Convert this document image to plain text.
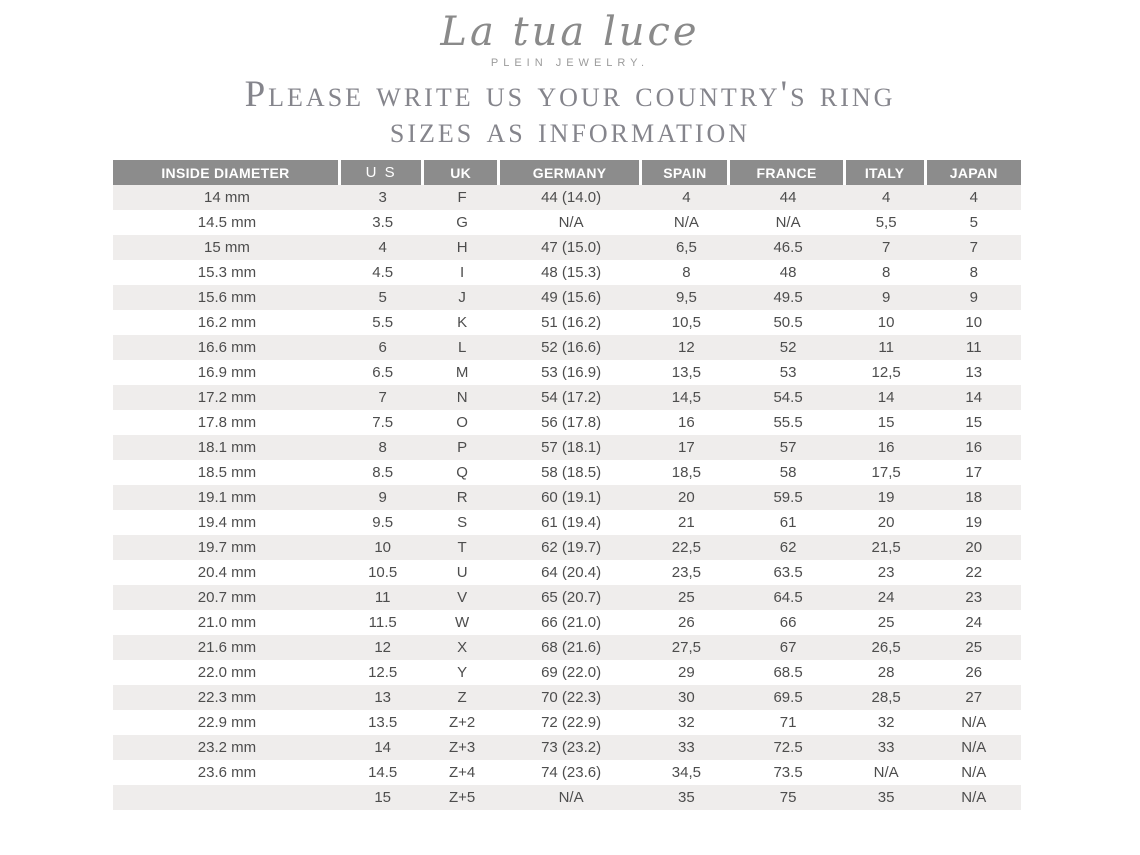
La tua luce
PLEIN JEWELRY.
Please write us your country's ring
sizes as information
INSIDE DIAMETER	U S	UK	GERMANY	SPAIN	FRANCE	ITALY	JAPAN
14 mm	3	F	44 (14.0)	4	44	4	4
14.5 mm	3.5	G	N/A	N/A	N/A	5,5	5
15 mm	4	H	47 (15.0)	6,5	46.5	7	7
15.3 mm	4.5	I	48 (15.3)	8	48	8	8
15.6 mm	5	J	49 (15.6)	9,5	49.5	9	9
16.2 mm	5.5	K	51 (16.2)	10,5	50.5	10	10
16.6 mm	6	L	52 (16.6)	12	52	11	11
16.9 mm	6.5	M	53 (16.9)	13,5	53	12,5	13
17.2 mm	7	N	54 (17.2)	14,5	54.5	14	14
17.8 mm	7.5	O	56 (17.8)	16	55.5	15	15
18.1 mm	8	P	57 (18.1)	17	57	16	16
18.5 mm	8.5	Q	58 (18.5)	18,5	58	17,5	17
19.1 mm	9	R	60 (19.1)	20	59.5	19	18
19.4 mm	9.5	S	61 (19.4)	21	61	20	19
19.7 mm	10	T	62 (19.7)	22,5	62	21,5	20
20.4 mm	10.5	U	64 (20.4)	23,5	63.5	23	22
20.7 mm	11	V	65 (20.7)	25	64.5	24	23
21.0 mm	11.5	W	66 (21.0)	26	66	25	24
21.6 mm	12	X	68 (21.6)	27,5	67	26,5	25
22.0 mm	12.5	Y	69 (22.0)	29	68.5	28	26
22.3 mm	13	Z	70 (22.3)	30	69.5	28,5	27
22.9 mm	13.5	Z+2	72 (22.9)	32	71	32	N/A
23.2 mm	14	Z+3	73 (23.2)	33	72.5	33	N/A
23.6 mm	14.5	Z+4	74 (23.6)	34,5	73.5	N/A	N/A
	15	Z+5	N/A	35	75	35	N/A
